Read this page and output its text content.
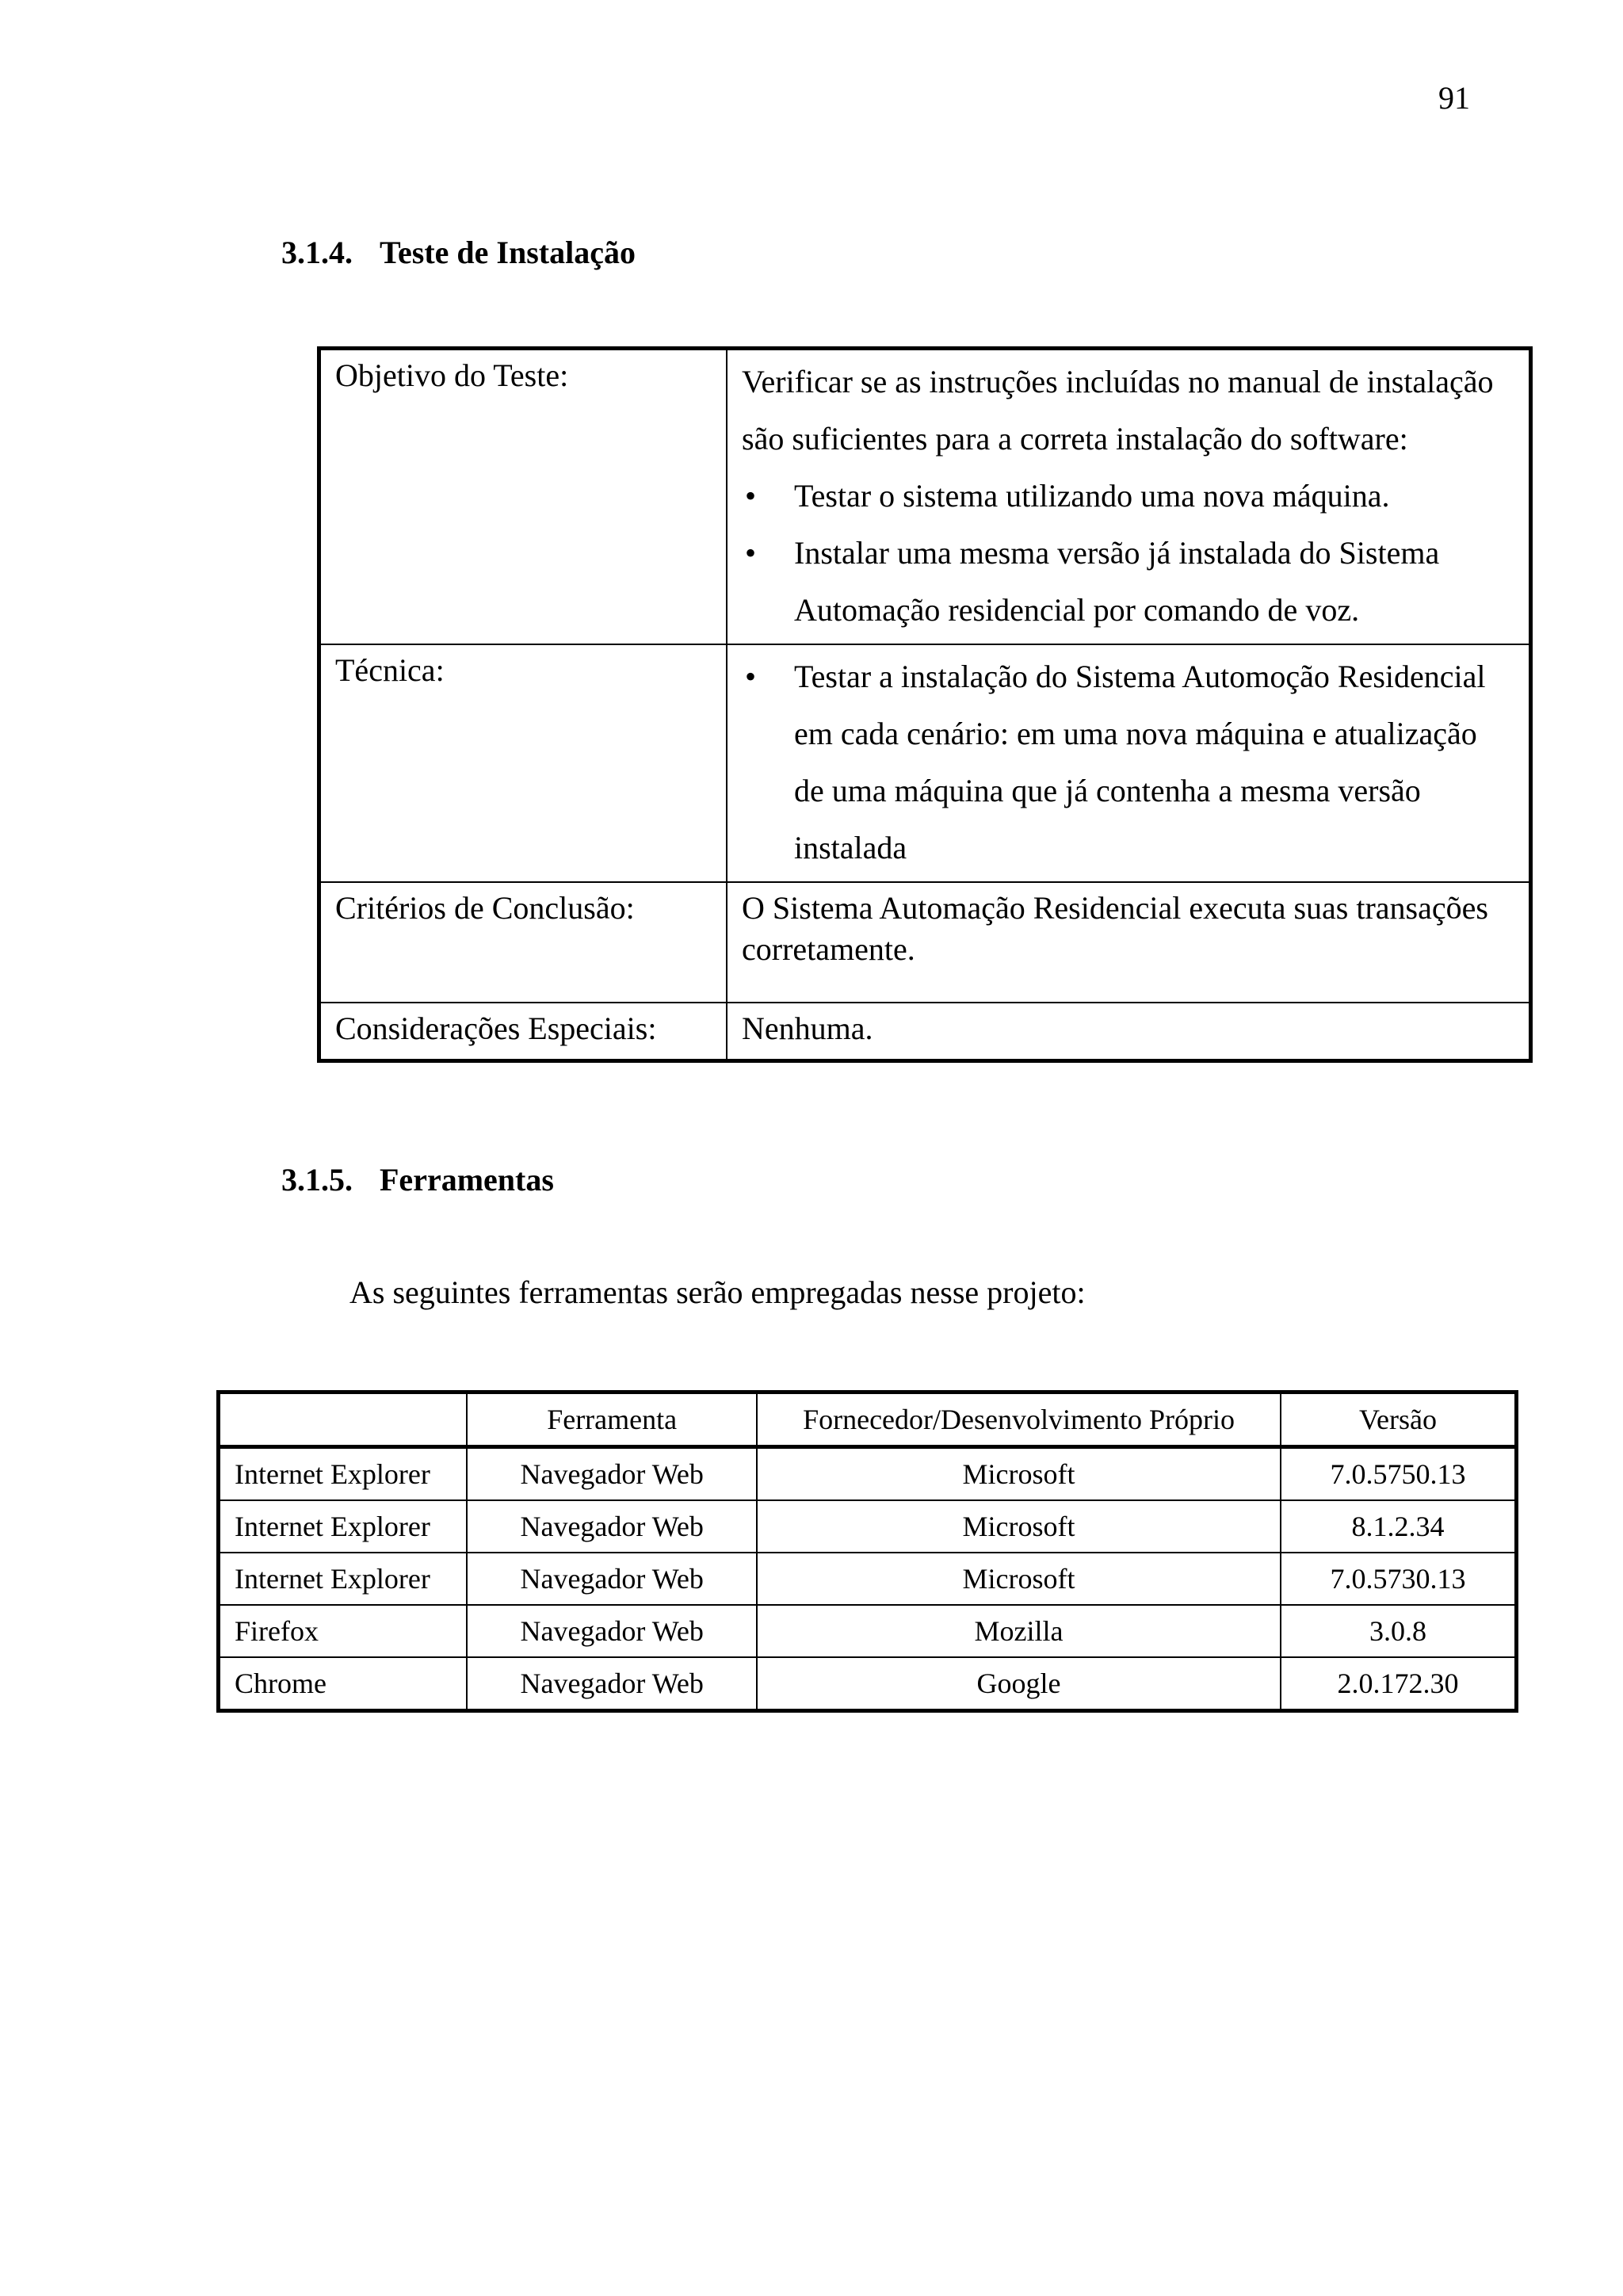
91
3.1.4. Teste de Instalação
Objetivo do Teste:	Verificar se as instruções incluídas no manual de instalação são suficientes para a correta instalação do software:
• Testar o sistema utilizando uma nova máquina.
• Instalar uma mesma versão já instalada do Sistema Automação residencial por comando de voz.

Técnica:	• Testar a instalação do Sistema Automoção Residencial em cada cenário: em uma nova máquina e atualização de uma máquina que já contenha a mesma versão instalada

Critérios de Conclusão:	O Sistema Automação Residencial executa suas transações corretamente.
Considerações Especiais:	Nenhuma.
3.1.5. Ferramentas
As seguintes ferramentas serão empregadas nesse projeto:
	Ferramenta	Fornecedor/Desenvolvimento Próprio	Versão
Internet Explorer	Navegador Web	Microsoft	7.0.5750.13
Internet Explorer	Navegador Web	Microsoft	8.1.2.34
Internet Explorer	Navegador Web	Microsoft	7.0.5730.13
Firefox	Navegador Web	Mozilla	3.0.8
Chrome	Navegador Web	Google	2.0.172.30
